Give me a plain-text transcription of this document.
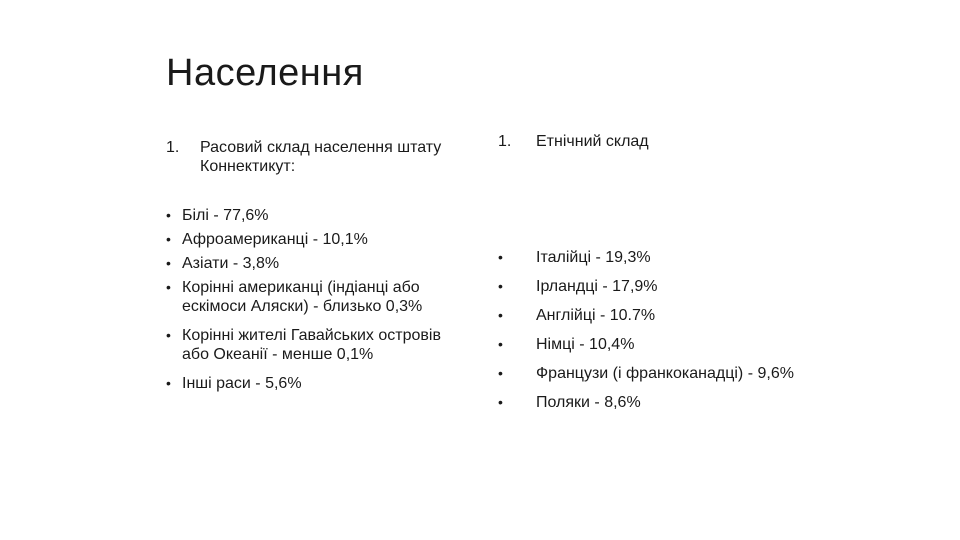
Населення
1.	Расовий склад населення штату Коннектикут:
• Білі - 77,6%
• Афроамериканці - 10,1%
• Азіати - 3,8%
• Корінні американці (індіанці або ескімоси Аляски) - близько 0,3%
• Корінні жителі Гавайських островів або Океанії - менше 0,1%
• Інші раси - 5,6%
1.	Етнічний склад
•	Італійці - 19,3%
•	Ірландці - 17,9%
•	Англійці - 10.7%
•	Німці - 10,4%
•	Французи (і франкоканадці) - 9,6%
•	Поляки - 8,6%
